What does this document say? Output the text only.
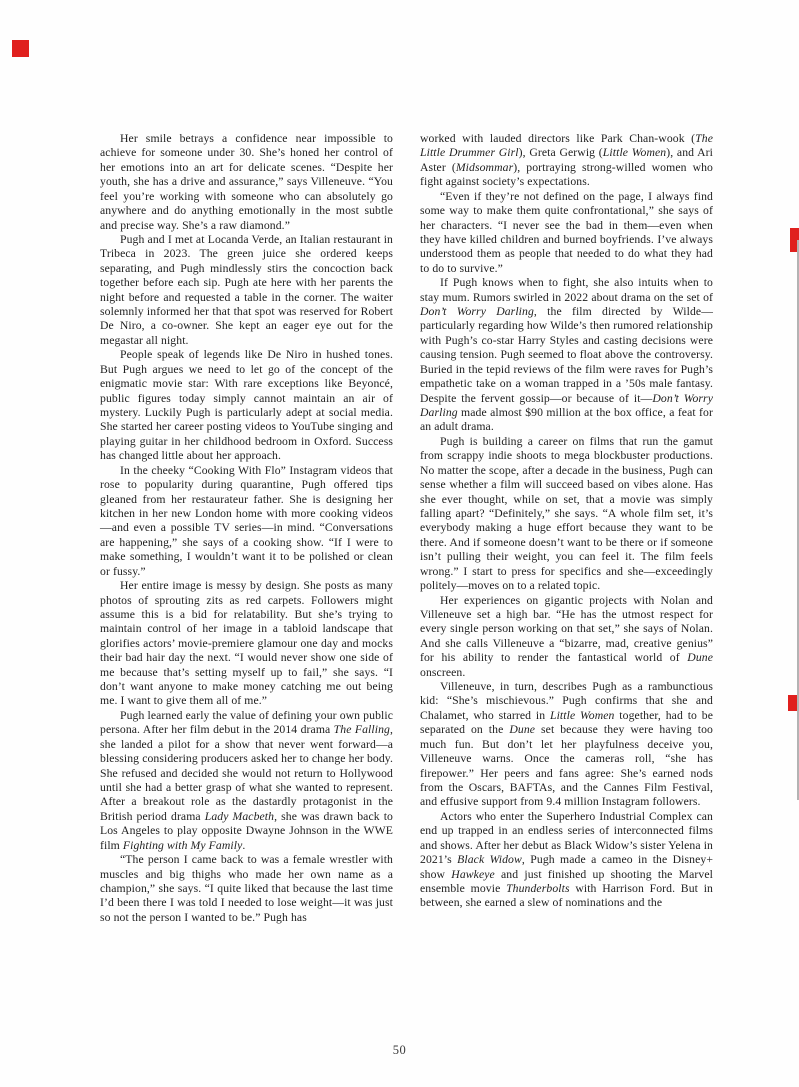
Her smile betrays a confidence near impossible to achieve for someone under 30. She’s honed her control of her emotions into an art for delicate scenes. “Despite her youth, she has a drive and assurance,” says Villeneuve. “You feel you’re working with someone who can absolutely go anywhere and do anything emotionally in the most subtle and precise way. She’s a raw diamond.”

Pugh and I met at Locanda Verde, an Italian restaurant in Tribeca in 2023. The green juice she ordered keeps separating, and Pugh mindlessly stirs the concoction back together before each sip. Pugh ate here with her parents the night before and requested a table in the corner. The waiter solemnly informed her that that spot was reserved for Robert De Niro, a co-owner. She kept an eager eye out for the megastar all night.

People speak of legends like De Niro in hushed tones. But Pugh argues we need to let go of the concept of the enigmatic movie star: With rare exceptions like Beyoncé, public figures today simply cannot maintain an air of mystery. Luckily Pugh is particularly adept at social media. She started her career posting videos to YouTube singing and playing guitar in her childhood bedroom in Oxford. Success has changed little about her approach.

In the cheeky “Cooking With Flo” Instagram videos that rose to popularity during quarantine, Pugh offered tips gleaned from her restaurateur father. She is designing her kitchen in her new London home with more cooking videos—and even a possible TV series—in mind. “Conversations are happening,” she says of a cooking show. “If I were to make something, I wouldn’t want it to be polished or clean or fussy.”

Her entire image is messy by design. She posts as many photos of sprouting zits as red carpets. Followers might assume this is a bid for relatability. But she’s trying to maintain control of her image in a tabloid landscape that glorifies actors’ movie-premiere glamour one day and mocks their bad hair day the next. “I would never show one side of me because that’s setting myself up to fail,” she says. “I don’t want anyone to make money catching me out being me. I want to give them all of me.”

Pugh learned early the value of defining your own public persona. After her film debut in the 2014 drama The Falling, she landed a pilot for a show that never went forward—a blessing considering producers asked her to change her body. She refused and decided she would not return to Hollywood until she had a better grasp of what she wanted to represent. After a breakout role as the dastardly protagonist in the British period drama Lady Macbeth, she was drawn back to Los Angeles to play opposite Dwayne Johnson in the WWE film Fighting with My Family.

“The person I came back to was a female wrestler with muscles and big thighs who made her own name as a champion,” she says. “I quite liked that because the last time I’d been there I was told I needed to lose weight—it was just so not the person I wanted to be.” Pugh has

worked with lauded directors like Park Chan-wook (The Little Drummer Girl), Greta Gerwig (Little Women), and Ari Aster (Midsommar), portraying strong-willed women who fight against society’s expectations.

“Even if they’re not defined on the page, I always find some way to make them quite confrontational,” she says of her characters. “I never see the bad in them—even when they have killed children and burned boyfriends. I’ve always understood them as people that needed to do what they had to do to survive.”

If Pugh knows when to fight, she also intuits when to stay mum. Rumors swirled in 2022 about drama on the set of Don’t Worry Darling, the film directed by Wilde—particularly regarding how Wilde’s then rumored relationship with Pugh’s co-star Harry Styles and casting decisions were causing tension. Pugh seemed to float above the controversy. Buried in the tepid reviews of the film were raves for Pugh’s empathetic take on a woman trapped in a ’50s male fantasy. Despite the fervent gossip—or because of it—Don’t Worry Darling made almost $90 million at the box office, a feat for an adult drama.

Pugh is building a career on films that run the gamut from scrappy indie shoots to mega blockbuster productions. No matter the scope, after a decade in the business, Pugh can sense whether a film will succeed based on vibes alone. Has she ever thought, while on set, that a movie was simply falling apart? “Definitely,” she says. “A whole film set, it’s everybody making a huge effort because they want to be there. And if someone doesn’t want to be there or if someone isn’t pulling their weight, you can feel it. The film feels wrong.” I start to press for specifics and she—exceedingly politely—moves on to a related topic.

Her experiences on gigantic projects with Nolan and Villeneuve set a high bar. “He has the utmost respect for every single person working on that set,” she says of Nolan. And she calls Villeneuve a “bizarre, mad, creative genius” for his ability to render the fantastical world of Dune onscreen.

Villeneuve, in turn, describes Pugh as a rambunctious kid: “She’s mischievous.” Pugh confirms that she and Chalamet, who starred in Little Women together, had to be separated on the Dune set because they were having too much fun. But don’t let her playfulness deceive you, Villeneuve warns. Once the cameras roll, “she has firepower.” Her peers and fans agree: She’s earned nods from the Oscars, BAFTAs, and the Cannes Film Festival, and effusive support from 9.4 million Instagram followers.

Actors who enter the Superhero Industrial Complex can end up trapped in an endless series of interconnected films and shows. After her debut as Black Widow’s sister Yelena in 2021’s Black Widow, Pugh made a cameo in the Disney+ show Hawkeye and just finished up shooting the Marvel ensemble movie Thunderbolts with Harrison Ford. But in between, she earned a slew of nominations and the

50
